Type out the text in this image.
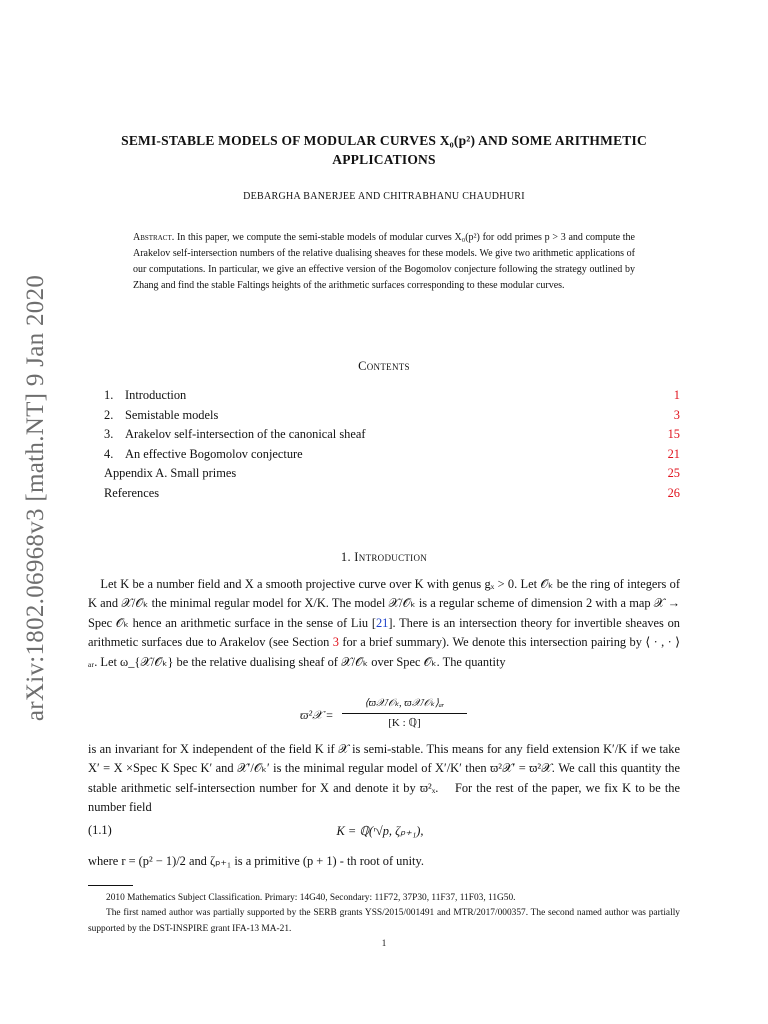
arXiv:1802.06968v3 [math.NT] 9 Jan 2020
SEMI-STABLE MODELS OF MODULAR CURVES X₀(p²) AND SOME ARITHMETIC
APPLICATIONS
DEBARGHA BANERJEE AND CHITRABHANU CHAUDHURI
Abstract. In this paper, we compute the semi-stable models of modular curves X₀(p²) for odd primes p > 3 and compute the Arakelov self-intersection numbers of the relative dualising sheaves for these models. We give two arithmetic applications of our computations. In particular, we give an effective version of the Bogomolov conjecture following the strategy outlined by Zhang and find the stable Faltings heights of the arithmetic surfaces corresponding to these modular curves.
Contents
1. Introduction	1
2. Semistable models	3
3. Arakelov self-intersection of the canonical sheaf	15
4. An effective Bogomolov conjecture	21
Appendix A. Small primes	25
References	26
1. Introduction
 Let K be a number field and X a smooth projective curve over K with genus gₓ > 0. Let 𝒪ₖ be the ring of integers of K and 𝒳/𝒪ₖ the minimal regular model for X/K. The model 𝒳/𝒪ₖ is a regular scheme of dimension 2 with a map 𝒳 → Spec 𝒪ₖ hence an arithmetic surface in the sense of Liu [21]. There is an intersection theory for invertible sheaves on arithmetic surfaces due to Arakelov (see Section 3 for a brief summary). We denote this intersection pairing by ⟨ · , · ⟩ₐᵣ. Let ω_{𝒳/𝒪ₖ} be the relative dualising sheaf of 𝒳/𝒪ₖ over Spec 𝒪ₖ. The quantity
ϖ²𝒳 =
⟨ϖ𝒳/𝒪ₖ, ϖ𝒳/𝒪ₖ⟩ₐᵣ
[K : ℚ]
is an invariant for X independent of the field K if 𝒳 is semi-stable. This means for any field extension K′/K if we take X′ = X ×Spec K Spec K′ and 𝒳′/𝒪ₖ′ is the minimal regular model of X′/K′ then ϖ²𝒳′ = ϖ²𝒳. We call this quantity the stable arithmetic self-intersection number for X and denote it by ϖ²ₓ.  For the rest of the paper, we fix K to be the number field
(1.1)	K = ℚ(ʳ√p, ζₚ₊₁),
where r = (p² − 1)/2 and ζₚ₊₁ is a primitive (p + 1) - th root of unity.
2010 Mathematics Subject Classification. Primary: 14G40, Secondary: 11F72, 37P30, 11F37, 11F03, 11G50.
The first named author was partially supported by the SERB grants YSS/2015/001491 and MTR/2017/000357. The second named author was partially supported by the DST-INSPIRE grant IFA-13 MA-21.
1
